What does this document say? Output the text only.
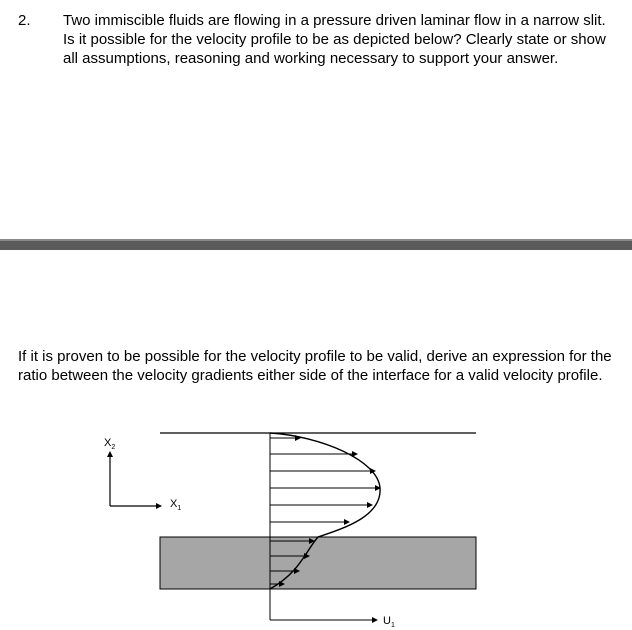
2. Two immiscible fluids are flowing in a pressure driven laminar flow in a narrow slit. Is it possible for the velocity profile to be as depicted below? Clearly state or show all assumptions, reasoning and working necessary to support your answer.
If it is proven to be possible for the velocity profile to be valid, derive an expression for the ratio between the velocity gradients either side of the interface for a valid velocity profile.
$X_2$
$X_1$
$U_1$
